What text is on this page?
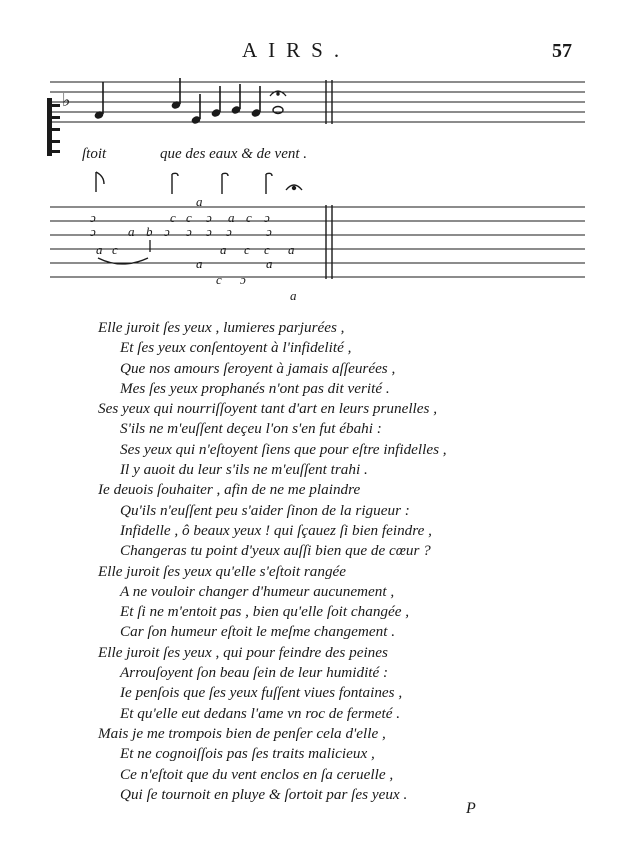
AIRS.	57
♭
a
ɔ	c c ɔ a c ɔ
ɔ a b ɔ ɔ ɔ ɔ	ɔ
a c	a c c a
a	a
c ɔ
a
ſtoit	que des eaux & de vent .
Elle juroit ſes yeux , lumieres parjurées ,
Et ſes yeux conſentoyent à l'infidelité ,
Que nos amours ſeroyent à jamais aſſeurées ,
Mes ſes yeux prophanés n'ont pas dit verité .
Ses yeux qui nourriſſoyent tant d'art en leurs prunelles ,
S'ils ne m'euſſent deçeu l'on s'en fut ébahi :
Ses yeux qui n'eſtoyent ſiens que pour eſtre infidelles ,
Il y auoit du leur s'ils ne m'euſſent trahi .
Ie deuois ſouhaiter , afin de ne me plaindre
Qu'ils n'euſſent peu s'aider ſinon de la rigueur :
Infidelle , ô beaux yeux ! qui ſçauez ſi bien feindre ,
Changeras tu point d'yeux auſſi bien que de cœur ?
Elle juroit ſes yeux qu'elle s'eſtoit rangée
A ne vouloir changer d'humeur aucunement ,
Et ſi ne m'entoit pas , bien qu'elle ſoit changée ,
Car ſon humeur eſtoit le meſme changement .
Elle juroit ſes yeux , qui pour feindre des peines
Arrouſoyent ſon beau ſein de leur humidité :
Ie penſois que ſes yeux fuſſent viues fontaines ,
Et qu'elle eut dedans l'ame vn roc de fermeté .
Mais je me trompois bien de penſer cela d'elle ,
Et ne cognoiſſois pas ſes traits malicieux ,
Ce n'eſtoit que du vent enclos en ſa ceruelle ,
Qui ſe tournoit en pluye & ſortoit par ſes yeux .
P
